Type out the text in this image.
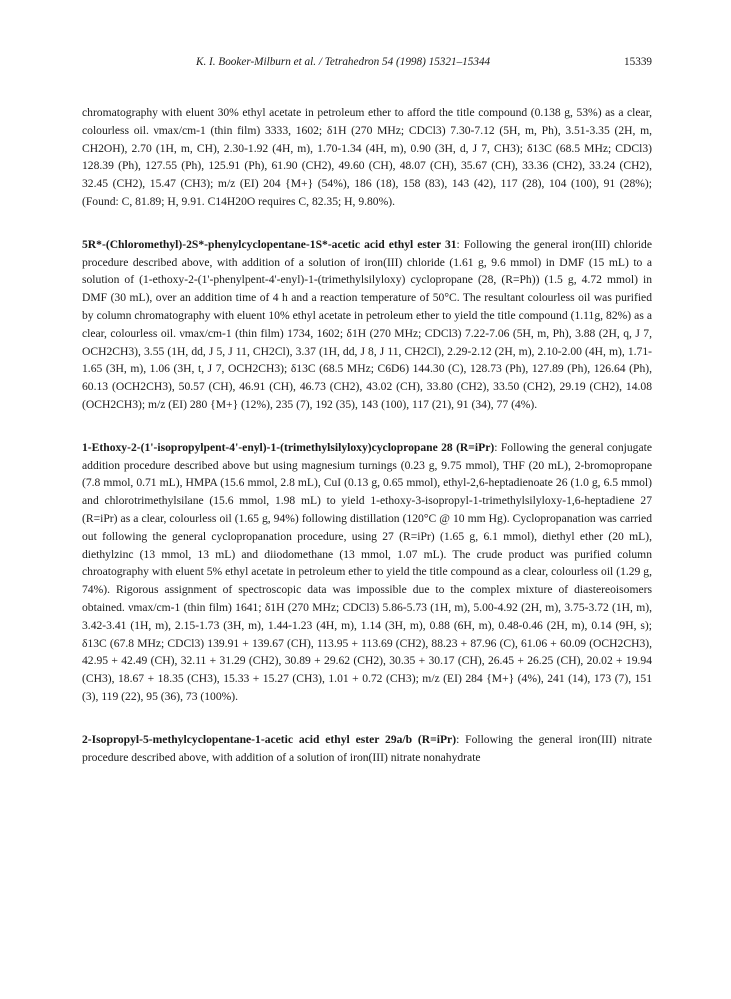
K. I. Booker-Milburn et al. / Tetrahedron 54 (1998) 15321–15344	15339

chromatography with eluent 30% ethyl acetate in petroleum ether to afford the title compound (0.138 g, 53%) as a clear, colourless oil. νmax/cm-1 (thin film) 3333, 1602; δ1H (270 MHz; CDCl3) 7.30-7.12 (5H, m, Ph), 3.51-3.35 (2H, m, CH2OH), 2.70 (1H, m, CH), 2.30-1.92 (4H, m), 1.70-1.34 (4H, m), 0.90 (3H, d, J 7, CH3); δ13C (68.5 MHz; CDCl3) 128.39 (Ph), 127.55 (Ph), 125.91 (Ph), 61.90 (CH2), 49.60 (CH), 48.07 (CH), 35.67 (CH), 33.36 (CH2), 33.24 (CH2), 32.45 (CH2), 15.47 (CH3); m/z (EI) 204 {M+} (54%), 186 (18), 158 (83), 143 (42), 117 (28), 104 (100), 91 (28%); (Found: C, 81.89; H, 9.91. C14H20O requires C, 82.35; H, 9.80%).

5R*-(Chloromethyl)-2S*-phenylcyclopentane-1S*-acetic acid ethyl ester 31: Following the general iron(III) chloride procedure described above, with addition of a solution of iron(III) chloride (1.61 g, 9.6 mmol) in DMF (15 mL) to a solution of (1-ethoxy-2-(1'-phenylpent-4'-enyl)-1-(trimethylsilyloxy) cyclopropane (28, (R=Ph)) (1.5 g, 4.72 mmol) in DMF (30 mL), over an addition time of 4 h and a reaction temperature of 50°C. The resultant colourless oil was purified by column chromatography with eluent 10% ethyl acetate in petroleum ether to yield the title compound (1.11g, 82%) as a clear, colourless oil. νmax/cm-1 (thin film) 1734, 1602; δ1H (270 MHz; CDCl3) 7.22-7.06 (5H, m, Ph), 3.88 (2H, q, J 7, OCH2CH3), 3.55 (1H, dd, J 5, J 11, CH2Cl), 3.37 (1H, dd, J 8, J 11, CH2Cl), 2.29-2.12 (2H, m), 2.10-2.00 (4H, m), 1.71-1.65 (3H, m), 1.06 (3H, t, J 7, OCH2CH3); δ13C (68.5 MHz; C6D6) 144.30 (C), 128.73 (Ph), 127.89 (Ph), 126.64 (Ph), 60.13 (OCH2CH3), 50.57 (CH), 46.91 (CH), 46.73 (CH2), 43.02 (CH), 33.80 (CH2), 33.50 (CH2), 29.19 (CH2), 14.08 (OCH2CH3); m/z (EI) 280 {M+} (12%), 235 (7), 192 (35), 143 (100), 117 (21), 91 (34), 77 (4%).

1-Ethoxy-2-(1'-isopropylpent-4'-enyl)-1-(trimethylsilyloxy)cyclopropane 28 (R=iPr): Following the general conjugate addition procedure described above but using magnesium turnings (0.23 g, 9.75 mmol), THF (20 mL), 2-bromopropane (7.8 mmol, 0.71 mL), HMPA (15.6 mmol, 2.8 mL), CuI (0.13 g, 0.65 mmol), ethyl-2,6-heptadienoate 26 (1.0 g, 6.5 mmol) and chlorotrimethylsilane (15.6 mmol, 1.98 mL) to yield 1-ethoxy-3-isopropyl-1-trimethylsilyloxy-1,6-heptadiene 27 (R=iPr) as a clear, colourless oil (1.65 g, 94%) following distillation (120°C @ 10 mm Hg). Cyclopropanation was carried out following the general cyclopropanation procedure, using 27 (R=iPr) (1.65 g, 6.1 mmol), diethyl ether (20 mL), diethylzinc (13 mmol, 13 mL) and diiodomethane (13 mmol, 1.07 mL). The crude product was purified column chroatography with eluent 5% ethyl acetate in petroleum ether to yield the title compound as a clear, colourless oil (1.29 g, 74%). Rigorous assignment of spectroscopic data was impossible due to the complex mixture of diastereoisomers obtained. νmax/cm-1 (thin film) 1641; δ1H (270 MHz; CDCl3) 5.86-5.73 (1H, m), 5.00-4.92 (2H, m), 3.75-3.72 (1H, m), 3.42-3.41 (1H, m), 2.15-1.73 (3H, m), 1.44-1.23 (4H, m), 1.14 (3H, m), 0.88 (6H, m), 0.48-0.46 (2H, m), 0.14 (9H, s); δ13C (67.8 MHz; CDCl3) 139.91 + 139.67 (CH), 113.95 + 113.69 (CH2), 88.23 + 87.96 (C), 61.06 + 60.09 (OCH2CH3), 42.95 + 42.49 (CH), 32.11 + 31.29 (CH2), 30.89 + 29.62 (CH2), 30.35 + 30.17 (CH), 26.45 + 26.25 (CH), 20.02 + 19.94 (CH3), 18.67 + 18.35 (CH3), 15.33 + 15.27 (CH3), 1.01 + 0.72 (CH3); m/z (EI) 284 {M+} (4%), 241 (14), 173 (7), 151 (3), 119 (22), 95 (36), 73 (100%).

2-Isopropyl-5-methylcyclopentane-1-acetic acid ethyl ester 29a/b (R=iPr): Following the general iron(III) nitrate procedure described above, with addition of a solution of iron(III) nitrate nonahydrate
